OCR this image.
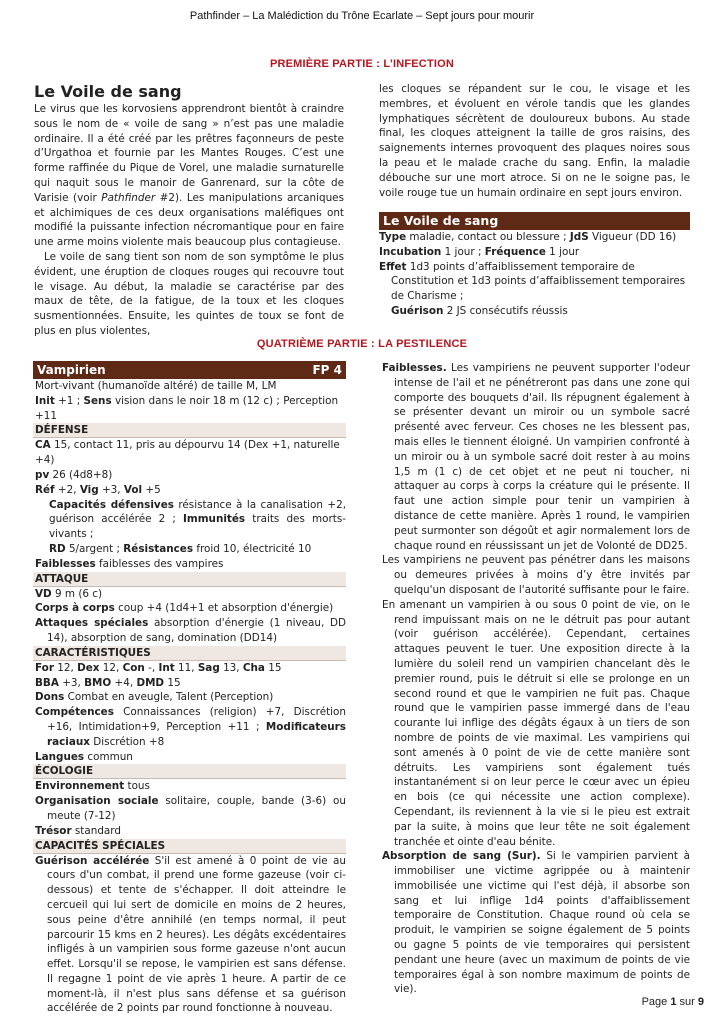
Pathfinder – La Malédiction du Trône Ecarlate – Sept jours pour mourir
PREMIÈRE PARTIE : L’INFECTION
Le Voile de sang

Le virus que les korvosiens apprendront bientôt à craindre sous le nom de « voile de sang » n’est pas une maladie ordinaire. Il a été créé par les prêtres façonneurs de peste d’Urgathoa et fournie par les Mantes Rouges. C’est une forme raffinée du Pique de Vorel, une maladie surnaturelle qui naquit sous le manoir de Ganrenard, sur la côte de Varisie (voir Pathfinder #2). Les manipulations arcaniques et alchimiques de ces deux organisations maléfiques ont modifié la puissante infection nécromantique pour en faire une arme moins violente mais beaucoup plus contagieuse.

Le voile de sang tient son nom de son symptôme le plus évident, une éruption de cloques rouges qui recouvre tout le visage. Au début, la maladie se caractérise par des maux de tête, de la fatigue, de la toux et les cloques susmentionnées. Ensuite, les quintes de toux se font de plus en plus violentes,

les cloques se répandent sur le cou, le visage et les membres, et évoluent en vérole tandis que les glandes lymphatiques sécrètent de douloureux bubons. Au stade final, les cloques atteignent la taille de gros raisins, des saignements internes provoquent des plaques noires sous la peau et le malade crache du sang. Enfin, la maladie débouche sur une mort atroce. Si on ne le soigne pas, le voile rouge tue un humain ordinaire en sept jours environ.

Le Voile de sang
Type maladie, contact ou blessure ; JdS Vigueur (DD 16)
Incubation 1 jour ; Fréquence 1 jour
Effet 1d3 points d’affaiblissement temporaire de Constitution et 1d3 points d’affaiblissement temporaires de Charisme ;
Guérison 2 JS consécutifs réussis
QUATRIÈME PARTIE : LA PESTILENCE
Vampirien	FP 4
Mort-vivant (humanoïde altéré) de taille M, LM
Init +1 ; Sens vision dans le noir 18 m (12 c) ; Perception +11
DÉFENSE
CA 15, contact 11, pris au dépourvu 14 (Dex +1, naturelle +4)
pv 26 (4d8+8)
Réf +2, Vig +3, Vol +5
Capacités défensives résistance à la canalisation +2, guérison accélérée 2 ; Immunités traits des morts-vivants ;
RD 5/argent ; Résistances froid 10, électricité 10
Faiblesses faiblesses des vampires
ATTAQUE
VD 9 m (6 c)
Corps à corps coup +4 (1d4+1 et absorption d'énergie)
Attaques spéciales absorption d'énergie (1 niveau, DD 14), absorption de sang, domination (DD14)
CARACTÉRISTIQUES
For 12, Dex 12, Con -, Int 11, Sag 13, Cha 15
BBA +3, BMO +4, DMD 15
Dons Combat en aveugle, Talent (Perception)
Compétences Connaissances (religion) +7, Discrétion +16, Intimidation+9, Perception +11 ; Modificateurs raciaux Discrétion +8
Langues commun
ÉCOLOGIE
Environnement tous
Organisation sociale solitaire, couple, bande (3-6) ou meute (7-12)
Trésor standard
CAPACITÉS SPÉCIALES
Guérison accélérée S'il est amené à 0 point de vie au cours d'un combat, il prend une forme gazeuse (voir ci-dessous) et tente de s'échapper. Il doit atteindre le cercueil qui lui sert de domicile en moins de 2 heures, sous peine d'être annihilé (en temps normal, il peut parcourir 15 kms en 2 heures). Les dégâts excédentaires infligés à un vampirien sous forme gazeuse n'ont aucun effet. Lorsqu'il se repose, le vampirien est sans défense. Il regagne 1 point de vie après 1 heure. A partir de ce moment-là, il n'est plus sans défense et sa guérison accélérée de 2 points par round fonctionne à nouveau.

Faiblesses. Les vampiriens ne peuvent supporter l'odeur intense de l'ail et ne pénétreront pas dans une zone qui comporte des bouquets d'ail. Ils répugnent également à se présenter devant un miroir ou un symbole sacré présenté avec ferveur. Ces choses ne les blessent pas, mais elles le tiennent éloigné. Un vampirien confronté à un miroir ou à un symbole sacré doit rester à au moins 1,5 m (1 c) de cet objet et ne peut ni toucher, ni attaquer au corps à corps la créature qui le présente. Il faut une action simple pour tenir un vampirien à distance de cette manière. Après 1 round, le vampirien peut surmonter son dégoût et agir normalement lors de chaque round en réussissant un jet de Volonté de DD25.

Les vampiriens ne peuvent pas pénétrer dans les maisons ou demeures privées à moins d’y être invités par quelqu'un disposant de l'autorité suffisante pour le faire.

En amenant un vampirien à ou sous 0 point de vie, on le rend impuissant mais on ne le détruit pas pour autant (voir guérison accélérée). Cependant, certaines attaques peuvent le tuer. Une exposition directe à la lumière du soleil rend un vampirien chancelant dès le premier round, puis le détruit si elle se prolonge en un second round et que le vampirien ne fuit pas. Chaque round que le vampirien passe immergé dans de l'eau courante lui inflige des dégâts égaux à un tiers de son nombre de points de vie maximal. Les vampiriens qui sont amenés à 0 point de vie de cette manière sont détruits. Les vampiriens sont également tués instantanément si on leur perce le cœur avec un épieu en bois (ce qui nécessite une action complexe). Cependant, ils reviennent à la vie si le pieu est extrait par la suite, à moins que leur tête ne soit également tranchée et ointe d'eau bénite.

Absorption de sang (Sur). Si le vampirien parvient à immobiliser une victime agrippée ou à maintenir immobilisée une victime qui l'est déjà, il absorbe son sang et lui inflige 1d4 points d'affaiblissement temporaire de Constitution. Chaque round où cela se produit, le vampirien se soigne également de 5 points ou gagne 5 points de vie temporaires qui persistent pendant une heure (avec un maximum de points de vie temporaires égal à son nombre maximum de points de vie).

Page 1 sur 9
